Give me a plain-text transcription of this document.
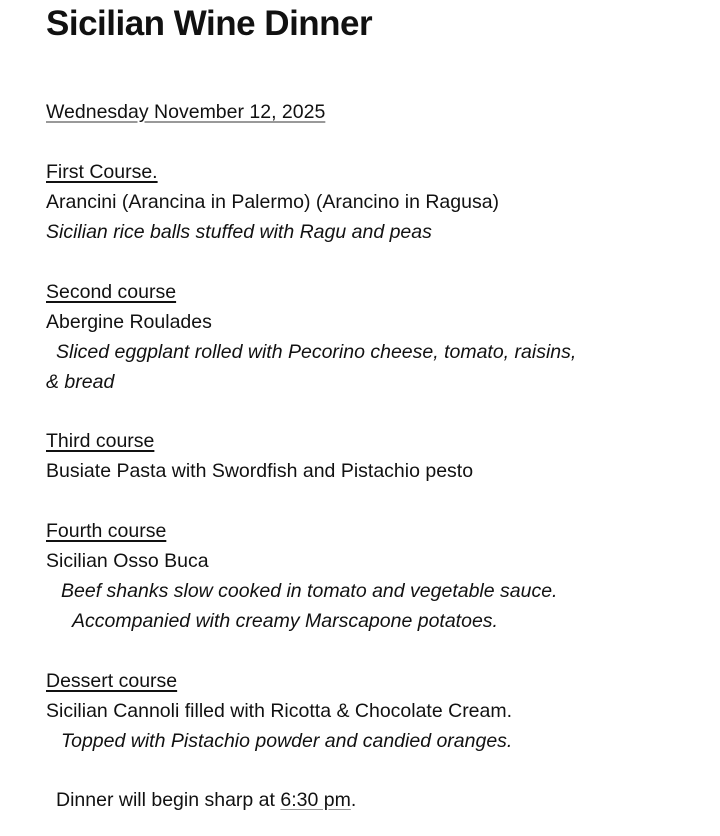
Sicilian Wine Dinner
Wednesday November 12, 2025
First Course.
Arancini (Arancina in Palermo) (Arancino in Ragusa)
Sicilian rice balls stuffed with Ragu and peas
Second course
Abergine Roulades
Sliced eggplant rolled with Pecorino cheese, tomato, raisins,
& bread
Third course
Busiate Pasta with Swordfish and Pistachio pesto
Fourth course
Sicilian Osso Buca
Beef shanks slow cooked in tomato and vegetable sauce.
Accompanied with creamy Marscapone potatoes.
Dessert course
Sicilian Cannoli filled with Ricotta & Chocolate Cream.
Topped with Pistachio powder and candied oranges.
Dinner will begin sharp at 6:30 pm.
